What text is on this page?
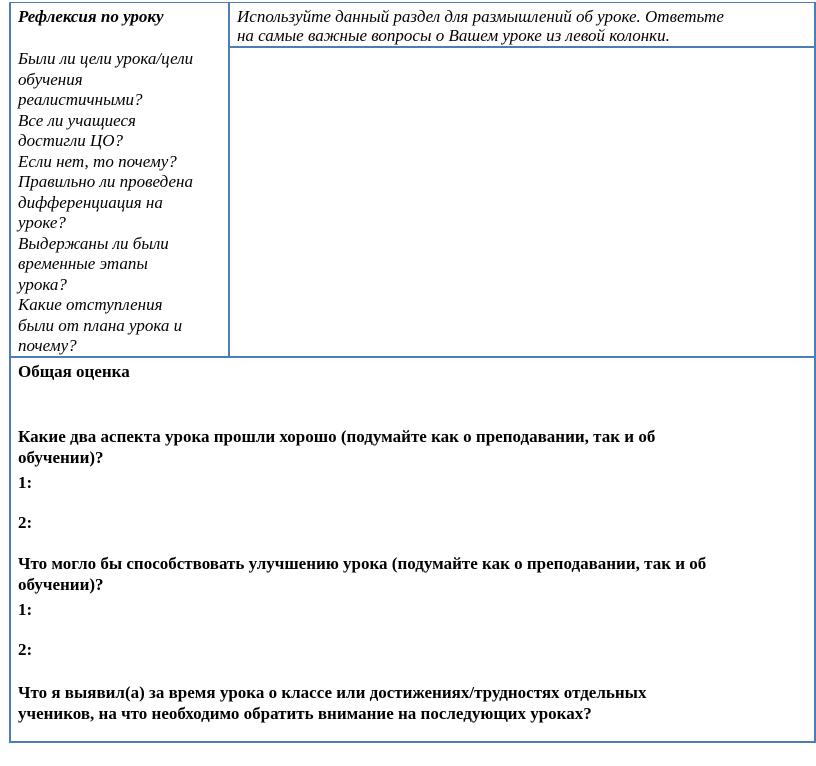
Рефлексия по уроку
Были ли цели урока/цели
обучения
реалистичными?
Все ли учащиеся
достигли ЦО?
Если нет, то почему?
Правильно ли проведена
дифференциация на
уроке?
Выдержаны ли были
временные этапы
урока?
Какие отступления
были от плана урока и
почему?
Используйте данный раздел для размышлений об уроке. Ответьте
на самые важные вопросы о Вашем уроке из левой колонки.
Общая оценка
Какие два аспекта урока прошли хорошо (подумайте как о преподавании, так и об
обучении)?
1:
2:
Что могло бы способствовать улучшению урока (подумайте как о преподавании, так и об
обучении)?
1:
2:
Что я выявил(а) за время урока о классе или достижениях/трудностях отдельных
учеников, на что необходимо обратить внимание на последующих уроках?
